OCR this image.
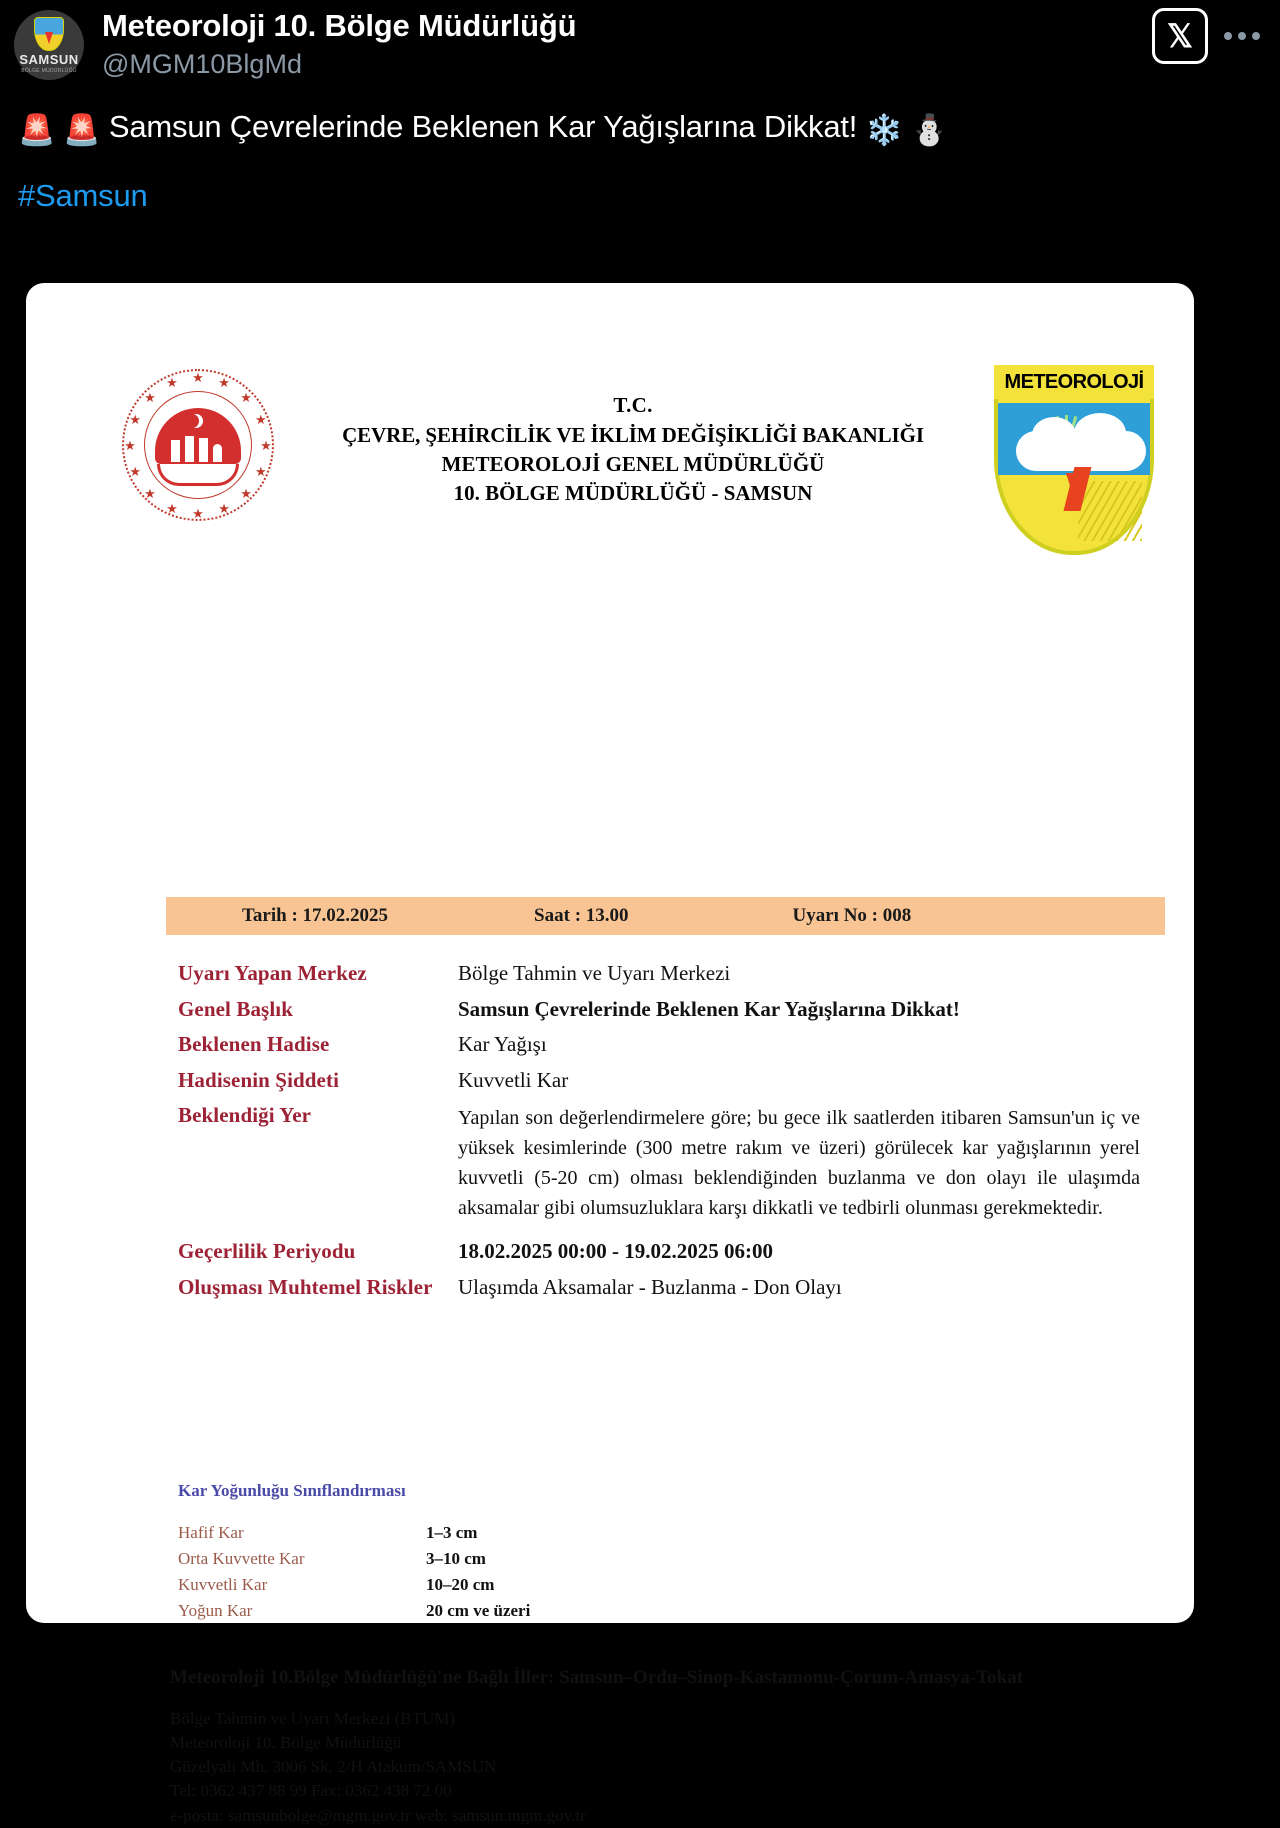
SAMSUN
BÖLGE MÜDÜRLÜĞÜ
Meteoroloji 10. Bölge Müdürlüğü
@MGM10BlgMd
𝕏
🚨 🚨 Samsun Çevrelerinde Beklenen Kar Yağışlarına Dikkat! ❄️ ⛄
#Samsun
★ ★
★
★
★
★
★
★
★
★
★
★
★
★
★
★
T.C.
ÇEVRE, ŞEHİRCİLİK VE İKLİM DEĞİŞİKLİĞİ BAKANLIĞI
METEOROLOJİ GENEL MÜDÜRLÜĞÜ
10. BÖLGE MÜDÜRLÜĞÜ - SAMSUN
METEOROLOJİ
Tarih : 17.02.2025	Saat : 13.00	Uyarı No : 008
Uyarı Yapan Merkez	Bölge Tahmin ve Uyarı Merkezi
Genel Başlık	Samsun Çevrelerinde Beklenen Kar Yağışlarına Dikkat!
Beklenen Hadise	Kar Yağışı
Hadisenin Şiddeti	Kuvvetli Kar
Beklendiği Yer	Yapılan son değerlendirmelere göre; bu gece ilk saatlerden itibaren Samsun'un iç ve yüksek kesimlerinde (300 metre rakım ve üzeri) görülecek kar yağışlarının yerel kuvvetli (5-20 cm) olması beklendiğinden buzlanma ve don olayı ile ulaşımda aksamalar gibi olumsuzluklara karşı dikkatli ve tedbirli olunması gerekmektedir.
Geçerlilik Periyodu	18.02.2025 00:00 - 19.02.2025 06:00
Oluşması Muhtemel Riskler	Ulaşımda Aksamalar - Buzlanma - Don Olayı
Kar Yoğunluğu Sınıflandırması
Hafif Kar	1–3 cm
Orta Kuvvette Kar	3–10 cm
Kuvvetli Kar	10–20 cm
Yoğun Kar	20 cm ve üzeri
Meteoroloji 10.Bölge Müdürlüğü'ne Bağlı İller: Samsun–Ordu–Sinop-Kastamonu-Çorum-Amasya-Tokat
Bölge Tahmin ve Uyarı Merkezi (BTUM)
Meteoroloji 10. Bölge Müdürlüğü
Güzelyalı Mh. 3006 Sk. 2/H Atakum/SAMSUN
Tel: 0362 437 88 99 Fax: 0362 438 72 00
e-posta: samsunbolge@mgm.gov.tr web: samsun.mgm.gov.tr
